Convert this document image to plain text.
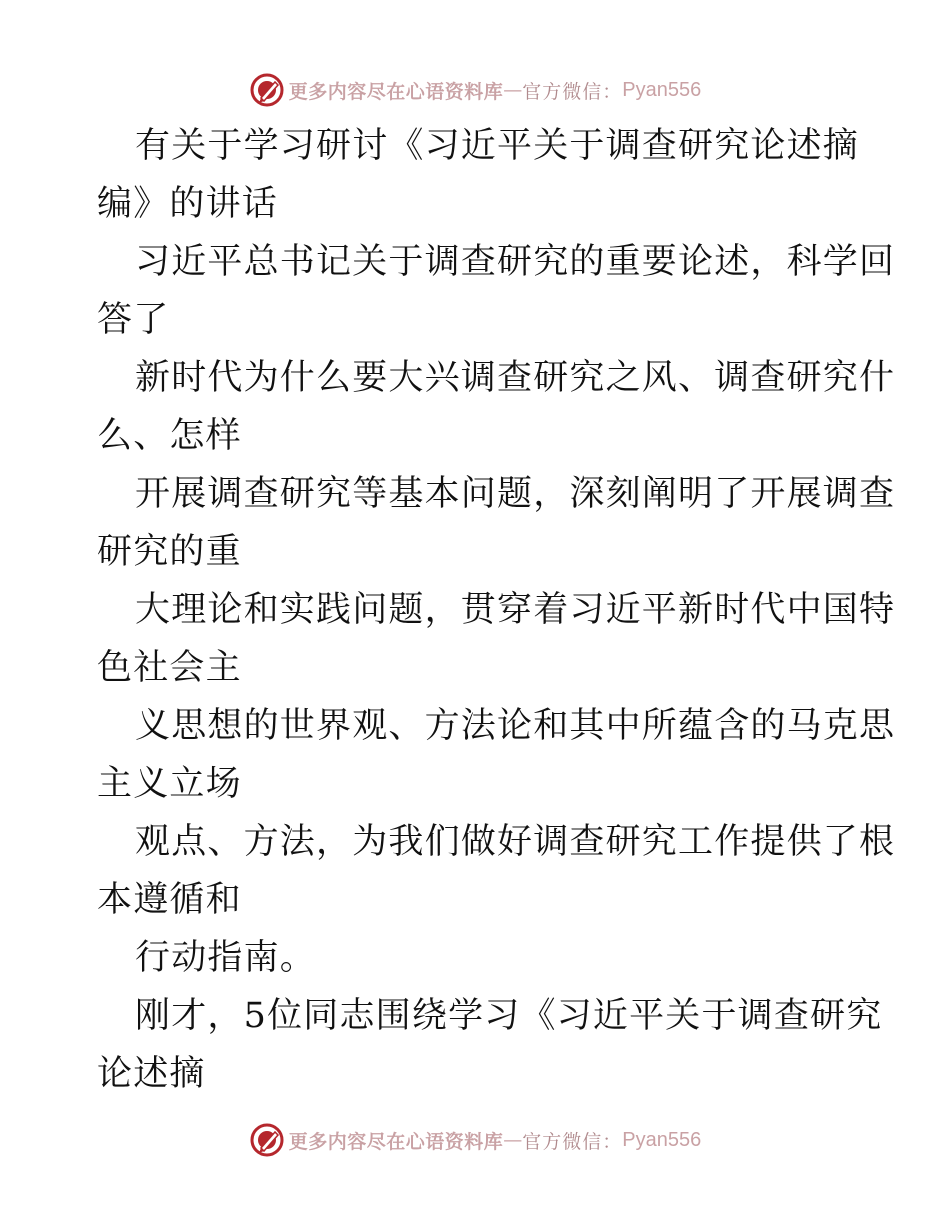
更多内容尽在心语资料库 — 官方微信： Pyan556
有关于学习研讨《习近平关于调查研究论述摘
编》的讲话
习近平总书记关于调查研究的重要论述，科学回
答了
新时代为什么要大兴调查研究之风、调查研究什
么、怎样
开展调查研究等基本问题，深刻阐明了开展调查
研究的重
大理论和实践问题，贯穿着习近平新时代中国特
色社会主
义思想的世界观、方法论和其中所蕴含的马克思
主义立场
观点、方法，为我们做好调查研究工作提供了根
本遵循和
行动指南。
刚才，5位同志围绕学习《习近平关于调查研究
论述摘
更多内容尽在心语资料库 — 官方微信： Pyan556
